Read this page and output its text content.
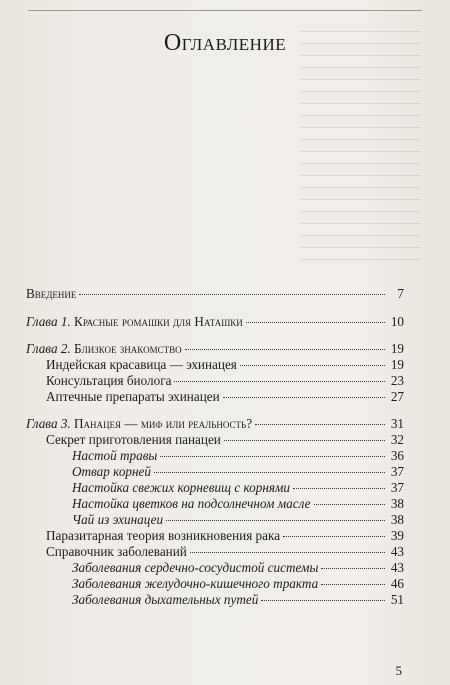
Оглавление
Введение	7
Глава 1. Красные ромашки для Наташки	10
Глава 2. Близкое знакомство	19
Индейская красавица — эхинацея	19
Консультация биолога	23
Аптечные препараты эхинацеи	27
Глава 3. Панацея — миф или реальность?	31
Секрет приготовления панацеи	32
Настой травы	36
Отвар корней	37
Настойка свежих корневищ с корнями	37
Настойка цветков на подсолнечном масле	38
Чай из эхинацеи	38
Паразитарная теория возникновения рака	39
Справочник заболеваний	43
Заболевания сердечно-сосудистой системы	43
Заболевания желудочно-кишечного тракта	46
Заболевания дыхательных путей	51
5
